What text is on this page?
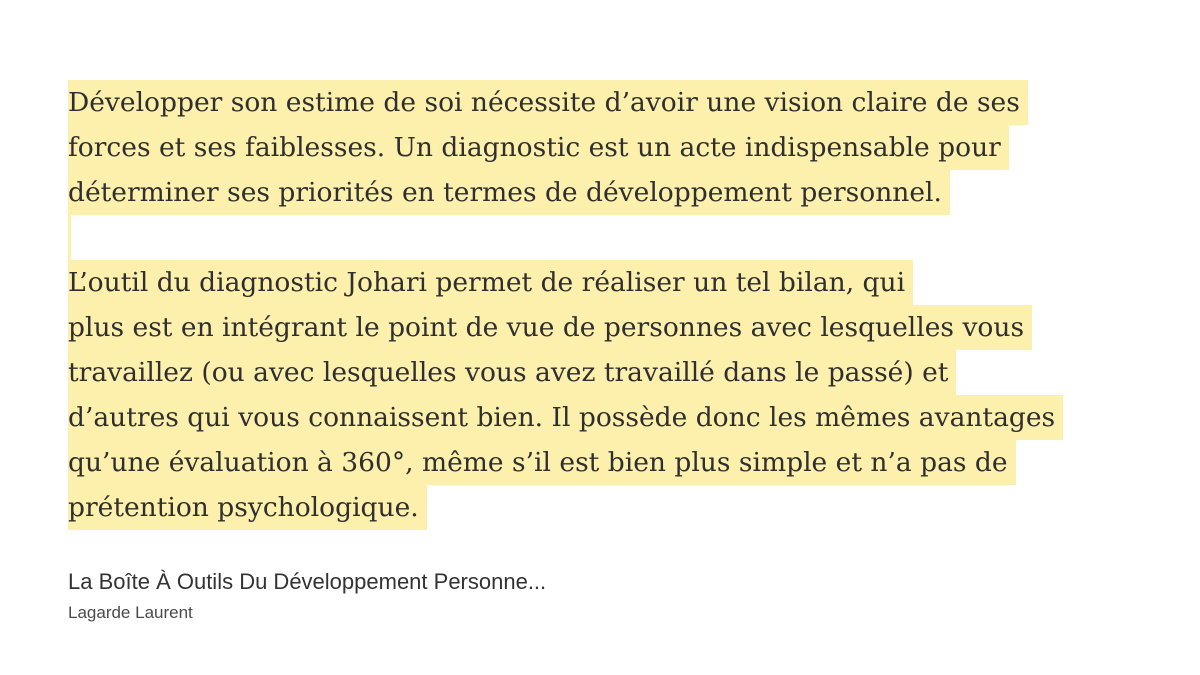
Développer son estime de soi nécessite d’avoir une vision claire de ses
forces et ses faiblesses. Un diagnostic est un acte indispensable pour
déterminer ses priorités en termes de développement personnel.
L’outil du diagnostic Johari permet de réaliser un tel bilan, qui
plus est en intégrant le point de vue de personnes avec lesquelles vous
travaillez (ou avec lesquelles vous avez travaillé dans le passé) et
d’autres qui vous connaissent bien. Il possède donc les mêmes avantages
qu’une évaluation à 360°, même s’il est bien plus simple et n’a pas de
prétention psychologique.
La Boîte À Outils Du Développement Personne...
Lagarde Laurent
